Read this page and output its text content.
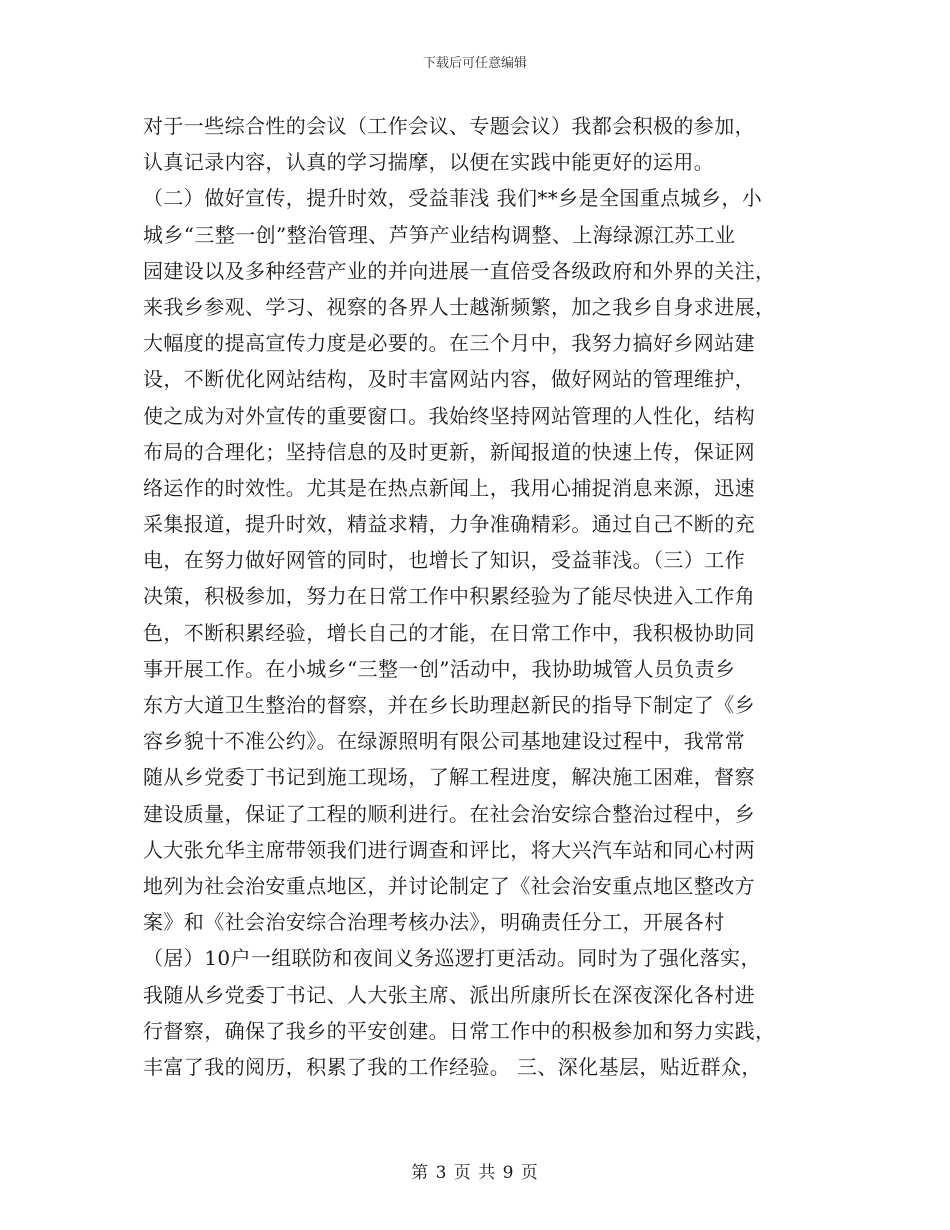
下载后可任意编辑
对于一些综合性的会议（工作会议、专题会议）我都会积极的参加，
认真记录内容，认真的学习揣摩，以便在实践中能更好的运用。
（二）做好宣传，提升时效，受益菲浅 我们**乡是全国重点城乡，小
城乡“三整一创”整治管理、芦笋产业结构调整、上海绿源江苏工业
园建设以及多种经营产业的并向进展一直倍受各级政府和外界的关注，
来我乡参观、学习、视察的各界人士越渐频繁，加之我乡自身求进展，
大幅度的提高宣传力度是必要的。在三个月中，我努力搞好乡网站建
设，不断优化网站结构，及时丰富网站内容，做好网站的管理维护，
使之成为对外宣传的重要窗口。我始终坚持网站管理的人性化，结构
布局的合理化；坚持信息的及时更新，新闻报道的快速上传，保证网
络运作的时效性。尤其是在热点新闻上，我用心捕捉消息来源，迅速
采集报道，提升时效，精益求精，力争准确精彩。通过自己不断的充
电，在努力做好网管的同时，也增长了知识，受益菲浅。（三）工作
决策，积极参加，努力在日常工作中积累经验为了能尽快进入工作角
色，不断积累经验，增长自己的才能，在日常工作中，我积极协助同
事开展工作。在小城乡“三整一创”活动中，我协助城管人员负责乡
东方大道卫生整治的督察，并在乡长助理赵新民的指导下制定了《乡
容乡貌十不准公约》。在绿源照明有限公司基地建设过程中，我常常
随从乡党委丁书记到施工现场，了解工程进度，解决施工困难，督察
建设质量，保证了工程的顺利进行。在社会治安综合整治过程中，乡
人大张允华主席带领我们进行调查和评比，将大兴汽车站和同心村两
地列为社会治安重点地区，并讨论制定了《社会治安重点地区整改方
案》和《社会治安综合治理考核办法》，明确责任分工，开展各村
（居）10户一组联防和夜间义务巡逻打更活动。同时为了强化落实，
我随从乡党委丁书记、人大张主席、派出所康所长在深夜深化各村进
行督察，确保了我乡的平安创建。日常工作中的积极参加和努力实践，
丰富了我的阅历，积累了我的工作经验。 三、深化基层，贴近群众，
第 3 页 共 9 页
